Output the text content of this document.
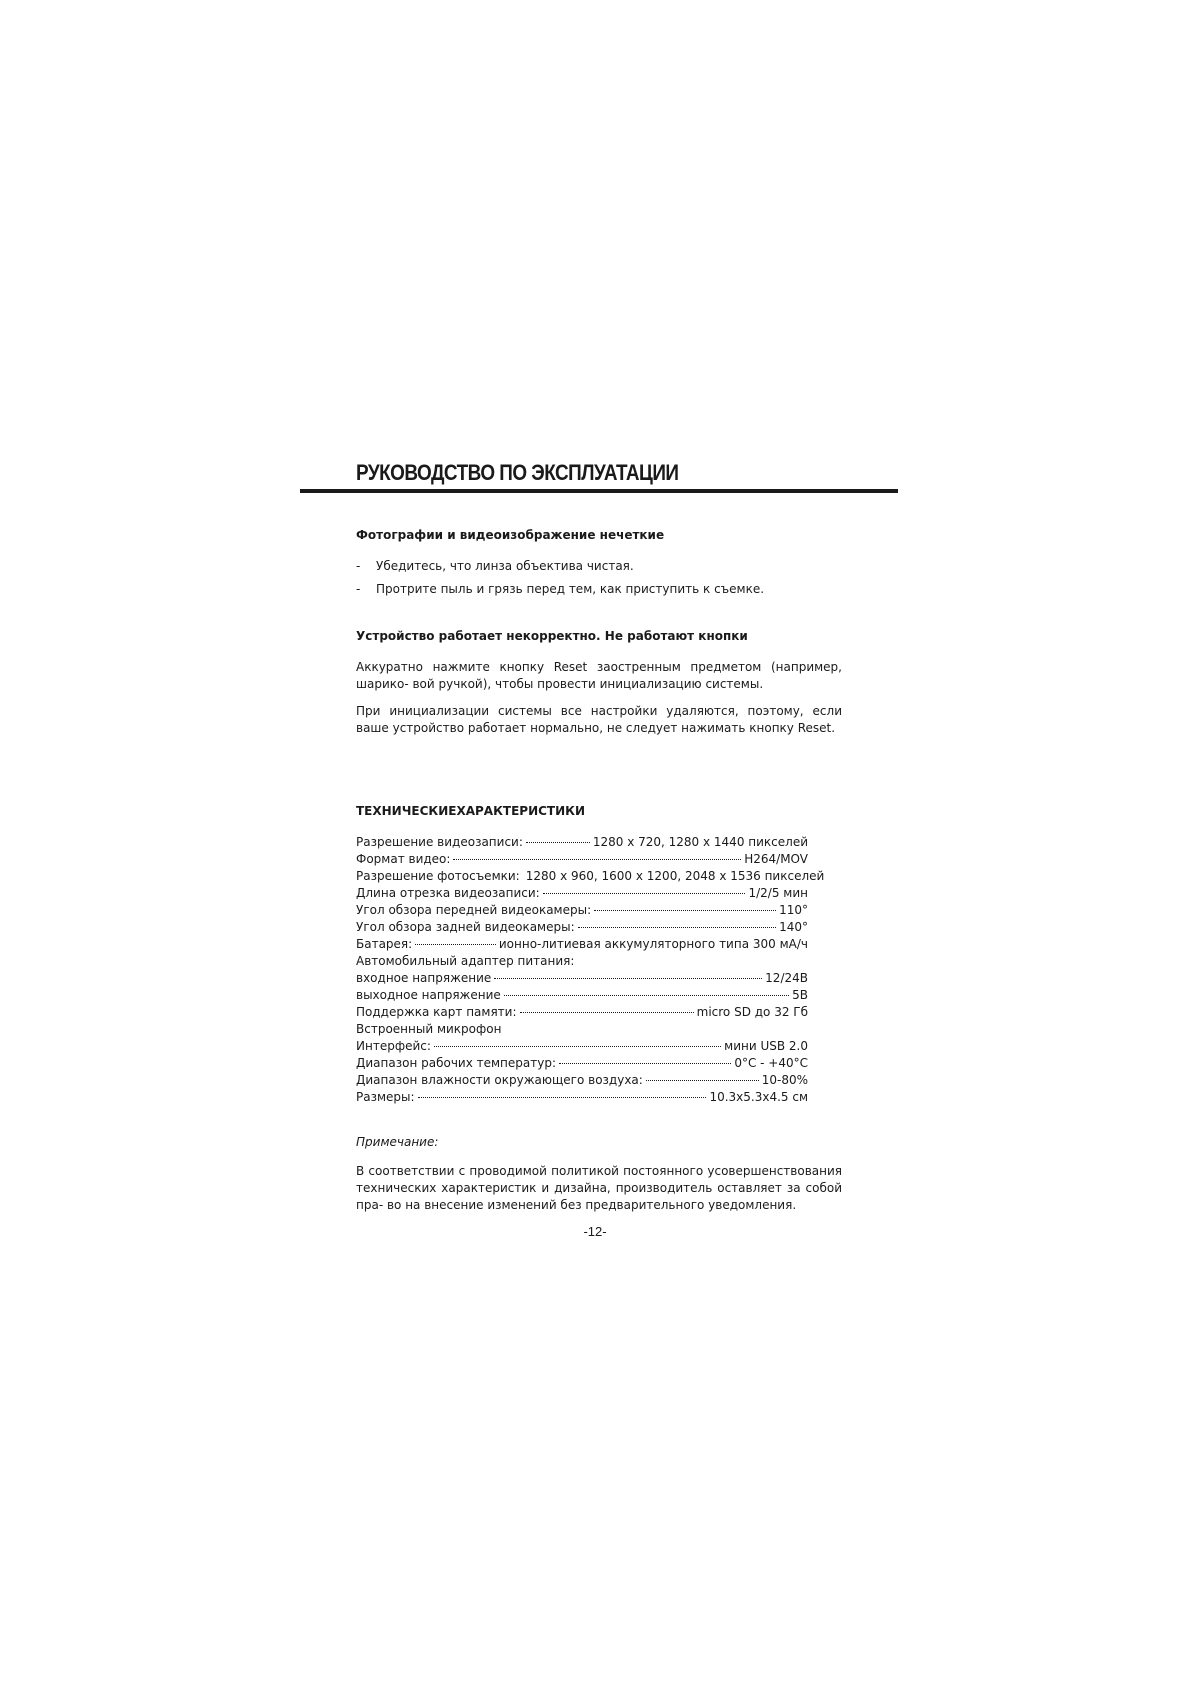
РУКОВОДСТВО ПО ЭКСПЛУАТАЦИИ

Фотографии и видеоизображение нечеткие

- Убедитесь, что линза объектива чистая.
- Протрите пыль и грязь перед тем, как приступить к съемке.

Устройство работает некорректно. Не работают кнопки

Аккуратно нажмите кнопку Reset заостренным предметом (например, шарико- вой ручкой), чтобы провести инициализацию системы.

При инициализации системы все настройки удаляются, поэтому, если ваше устройство работает нормально, не следует нажимать кнопку Reset.

ТЕХНИЧЕСКИЕХАРАКТЕРИСТИКИ

Разрешение видеозаписи:	1280 x 720, 1280 x 1440 пикселей
Формат видео:	H264/MOV
Разрешение фотосъемки: 1280 x 960, 1600 x 1200, 2048 x 1536 пикселей
Длина отрезка видеозаписи:	1/2/5 мин
Угол обзора передней видеокамеры:	110°
Угол обзора задней видеокамеры:	140°
Батарея:	ионно-литиевая аккумуляторного типа 300 мА/ч
Автомобильный адаптер питания:
входное напряжение	12/24В
выходное напряжение	5В
Поддержка карт памяти:	micro SD до 32 Гб
Встроенный микрофон
Интерфейс:	мини USB 2.0
Диапазон рабочих температур:	0°C - +40°C
Диапазон влажности окружающего воздуха:	10-80%
Размеры:	10.3x5.3x4.5 см

Примечание:

В соответствии с проводимой политикой постоянного усовершенствования технических характеристик и дизайна, производитель оставляет за собой пра- во на внесение изменений без предварительного уведомления.

-12-
